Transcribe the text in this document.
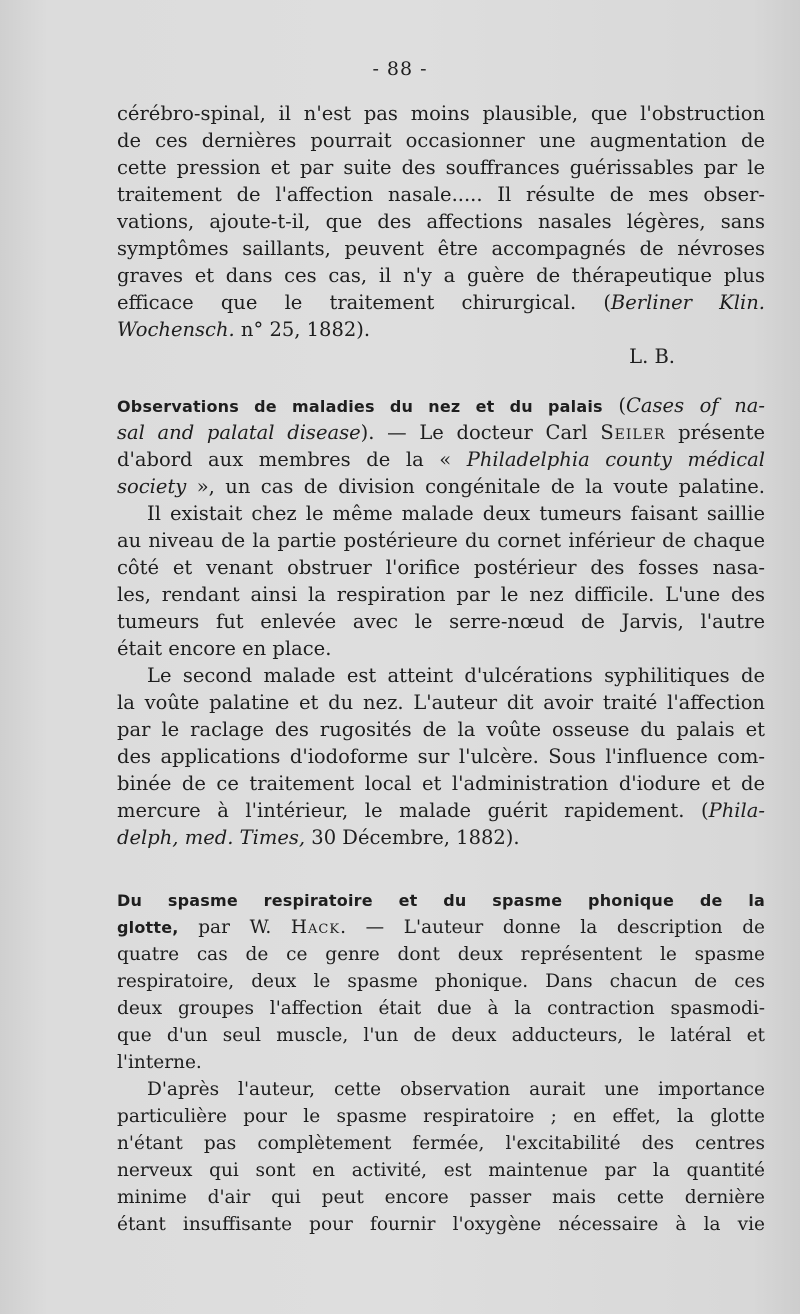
- 88 -
cérébro-spinal, il n'est pas moins plausible, que l'obstruction
de ces dernières pourrait occasionner une augmentation de
cette pression et par suite des souffrances guérissables par le
traitement de l'affection nasale..... Il résulte de mes obser-
vations, ajoute-t-il, que des affections nasales légères, sans
symptômes saillants, peuvent être accompagnés de névroses
graves et dans ces cas, il n'y a guère de thérapeutique plus
efficace que le traitement chirurgical. (Berliner Klin.
Wochensch. n° 25, 1882).
L. B.
Observations de maladies du nez et du palais (Cases of na-
sal and palatal disease). — Le docteur Carl Seiler présente
d'abord aux membres de la « Philadelphia county médical
society », un cas de division congénitale de la voute palatine.
Il existait chez le même malade deux tumeurs faisant saillie
au niveau de la partie postérieure du cornet inférieur de chaque
côté et venant obstruer l'orifice postérieur des fosses nasa-
les, rendant ainsi la respiration par le nez difficile. L'une des
tumeurs fut enlevée avec le serre-nœud de Jarvis, l'autre
était encore en place.
Le second malade est atteint d'ulcérations syphilitiques de
la voûte palatine et du nez. L'auteur dit avoir traité l'affection
par le raclage des rugosités de la voûte osseuse du palais et
des applications d'iodoforme sur l'ulcère. Sous l'influence com-
binée de ce traitement local et l'administration d'iodure et de
mercure à l'intérieur, le malade guérit rapidement. (Phila-
delph, med. Times, 30 Décembre, 1882).
Du spasme respiratoire et du spasme phonique de la
glotte, par W. Hack. — L'auteur donne la description de
quatre cas de ce genre dont deux représentent le spasme
respiratoire, deux le spasme phonique. Dans chacun de ces
deux groupes l'affection était due à la contraction spasmodi-
que d'un seul muscle, l'un de deux adducteurs, le latéral et
l'interne.
D'après l'auteur, cette observation aurait une importance
particulière pour le spasme respiratoire ; en effet, la glotte
n'étant pas complètement fermée, l'excitabilité des centres
nerveux qui sont en activité, est maintenue par la quantité
minime d'air qui peut encore passer mais cette dernière
étant insuffisante pour fournir l'oxygène nécessaire à la vie
